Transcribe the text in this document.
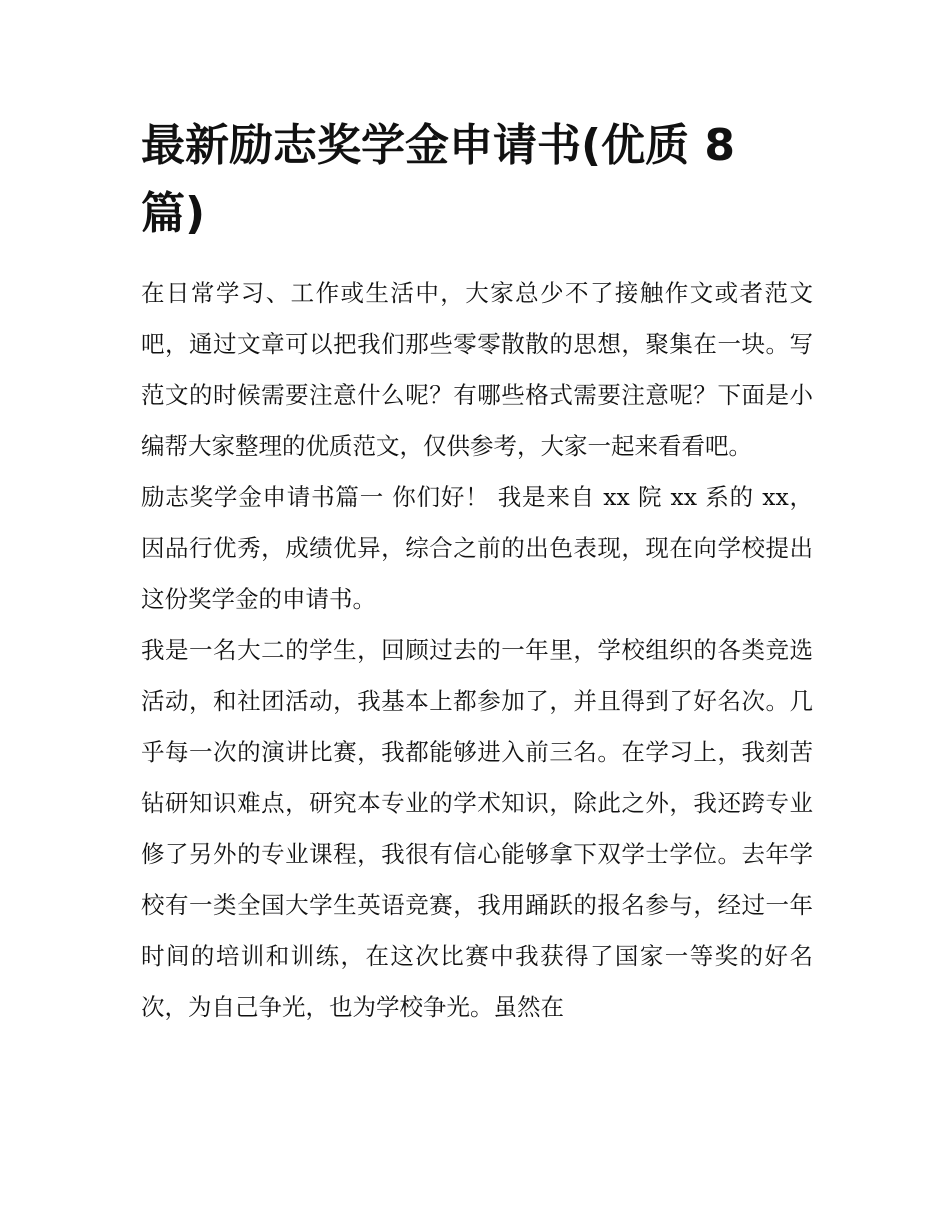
最新励志奖学金申请书(优质 8 篇)

在日常学习、工作或生活中，大家总少不了接触作文或者范文吧，通过文章可以把我们那些零零散散的思想，聚集在一块。写范文的时候需要注意什么呢？有哪些格式需要注意呢？下面是小编帮大家整理的优质范文，仅供参考，大家一起来看看吧。

励志奖学金申请书篇一 你们好！ 我是来自 xx 院 xx 系的 xx，因品行优秀，成绩优异，综合之前的出色表现，现在向学校提出这份奖学金的申请书。

我是一名大二的学生，回顾过去的一年里，学校组织的各类竞选活动，和社团活动，我基本上都参加了，并且得到了好名次。几乎每一次的演讲比赛，我都能够进入前三名。在学习上，我刻苦钻研知识难点，研究本专业的学术知识，除此之外，我还跨专业修了另外的专业课程，我很有信心能够拿下双学士学位。去年学校有一类全国大学生英语竞赛，我用踊跃的报名参与，经过一年时间的培训和训练，在这次比赛中我获得了国家一等奖的好名次，为自己争光，也为学校争光。虽然在
